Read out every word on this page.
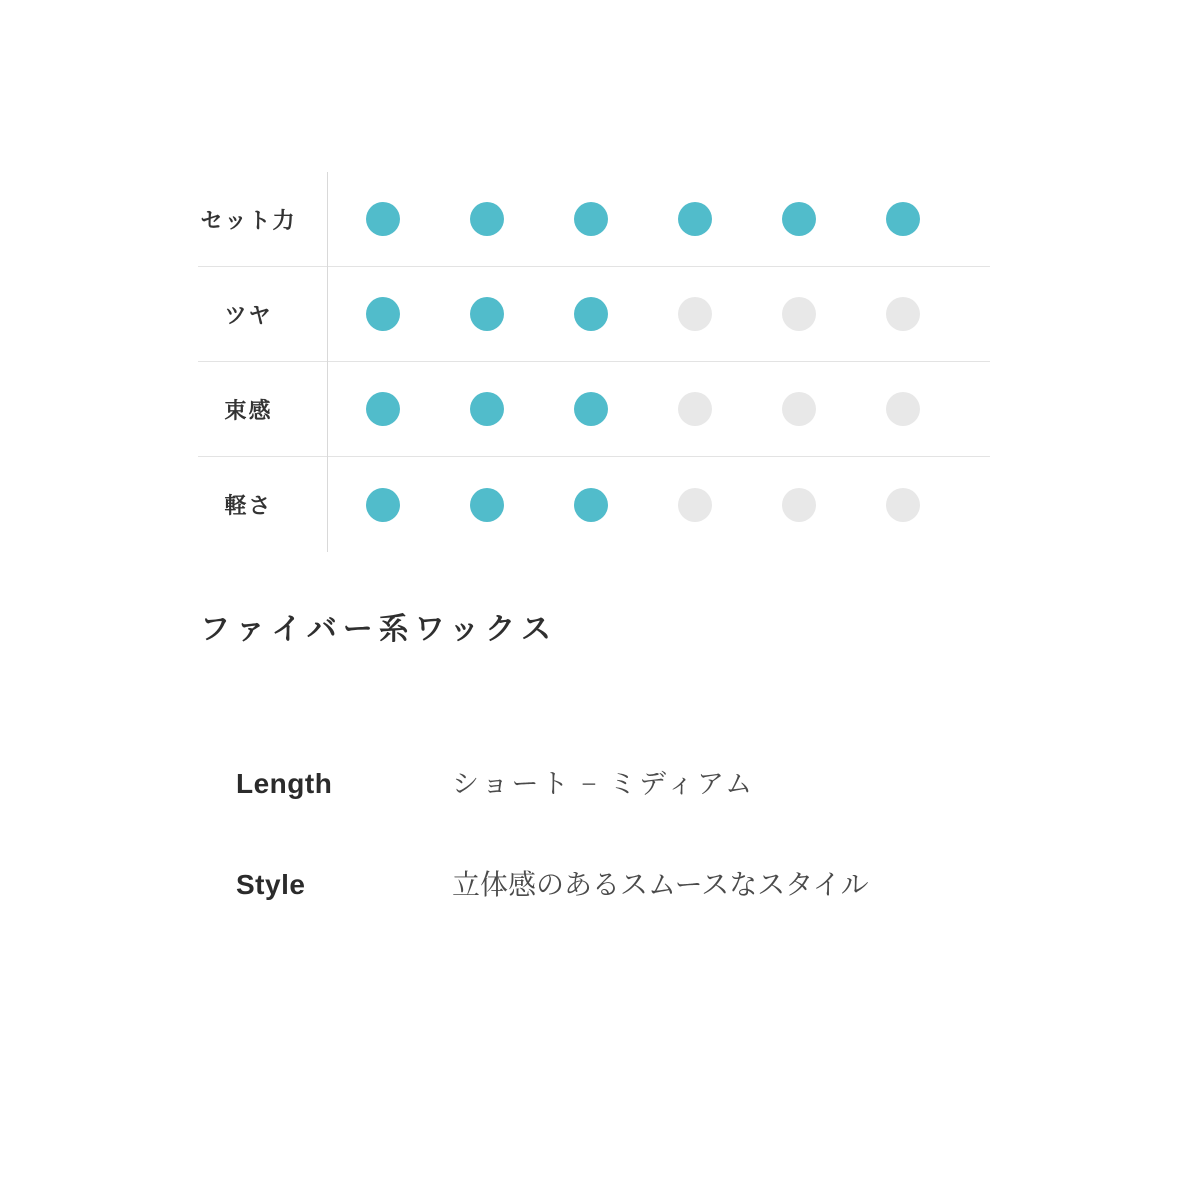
セット力
ツヤ
束感
軽さ
ファイバー系ワックス
Length	ショート − ミディアム
Style	立体感のあるスムースなスタイル
